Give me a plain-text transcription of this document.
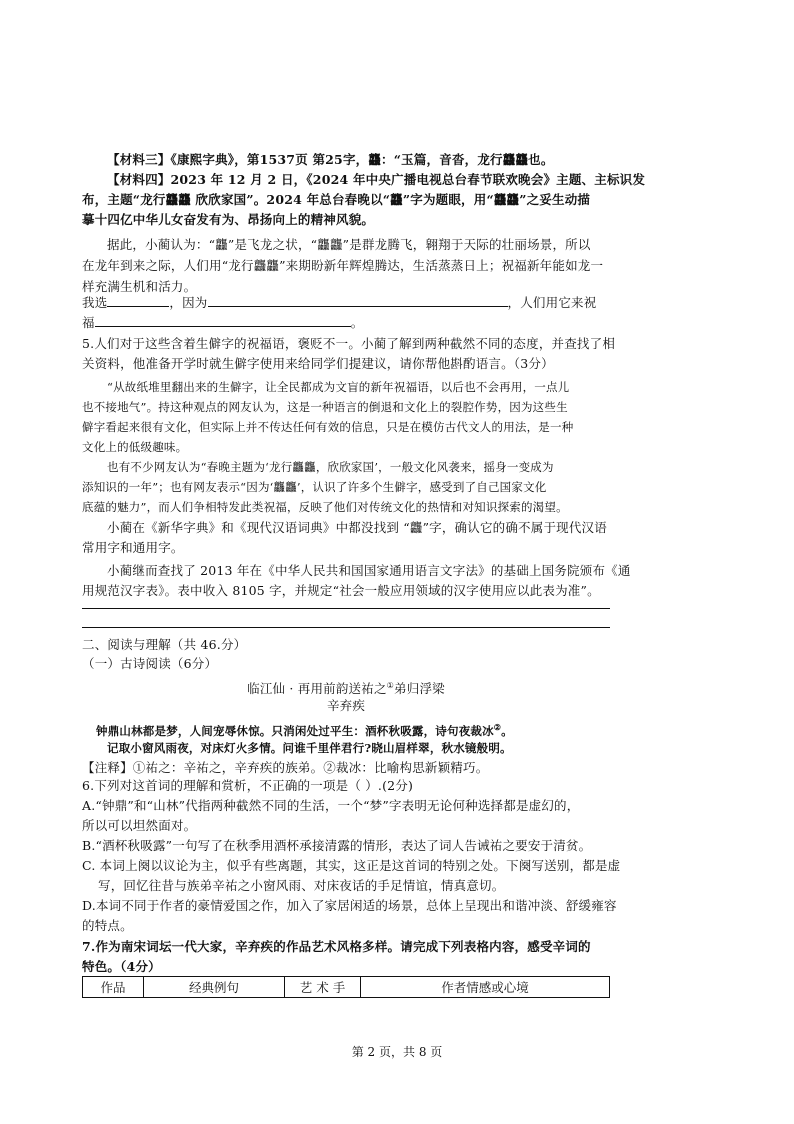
【材料三】《康熙字典》，第1537页 第25字，龘：“玉篇，音沓，龙行龘龘也。
【材料四】2023 年 12 月 2 日，《2024 年中央广播电视总台春节联欢晚会》主题、主标识发
布，主题“龙行龘龘 欣欣家国”。2024 年总台春晚以“龘”字为题眼，用“龘龘”之妥生动描
摹十四亿中华儿女奋发有为、昂扬向上的精神风貌。
据此，小蔺认为：“龘”是飞龙之状，“龘龘”是群龙腾飞，翱翔于天际的壮丽场景，所以
在龙年到来之际，人们用“龙行龘龘”来期盼新年辉煌腾达，生活蒸蒸日上；祝福新年能如龙一
样充满生机和活力。
我选	，因为	，人们用它来祝
福	。
5.人们对于这些含着生僻字的祝福语，褒贬不一。小蔺了解到两种截然不同的态度，并查找了相
关资料，他准备开学时就生僻字使用来给同学们提建议，请你帮他斟酌语言。（3分）
“从故纸堆里翻出来的生僻字，让全民都成为文盲的新年祝福语，以后也不会再用，一点儿
也不接地气”。持这种观点的网友认为，这是一种语言的倒退和文化上的裂腔作势，因为这些生
僻字看起来很有文化，但实际上并不传达任何有效的信息，只是在模仿古代文人的用法，是一种
文化上的低级趣味。
也有不少网友认为“春晚主题为‘龙行龘龘，欣欣家国’，一般文化风袭来，摇身一变成为
添知识的一年”；也有网友表示“因为‘龘龘’，认识了许多个生僻字，感受到了自己国家文化
底蕴的魅力”，而人们争相特发此类祝福，反映了他们对传统文化的热情和对知识探索的渴望。
小蔺在《新华字典》和《现代汉语词典》中都没找到 “龘”字，确认它的确不属于现代汉语
常用字和通用字。
小蔺继而查找了 2013 年在《中华人民共和国国家通用语言文字法》的基础上国务院颁布《通
用规范汉字表》。表中收入 8105 字，并规定“社会一般应用领域的汉字使用应以此表为准”。
二、阅读与理解（共 46.分）
（一）古诗阅读（6分）
临江仙 · 再用前韵送祐之①弟归浮梁
辛弃疾
钟鼎山林都是梦，人间宠辱休惊。只消闲处过平生：酒杯秋吸露，诗句夜裁冰②。
记取小窗风雨夜，对床灯火多情。问谁千里伴君行?晓山眉样翠，秋水镜般明。
【注释】①祐之：辛祐之，辛弃疾的族弟。②裁冰：比喻构思新颖精巧。
6.下列对这首词的理解和赏析，不正确的一项是（ ）.(2分)
A.“钟鼎”和“山林”代指两种截然不同的生活，一个“梦”字表明无论何种选择都是虚幻的，
所以可以坦然面对。
B.“酒杯秋吸露”一句写了在秋季用酒杯承接清露的情形，表达了词人告诫祐之要安于清贫。
C. 本词上阕以议论为主，似乎有些离题，其实，这正是这首词的特别之处。下阕写送别，都是虚
写，回忆往昔与族弟辛祐之小窗风雨、对床夜话的手足情谊，情真意切。
D.本词不同于作者的豪情爱国之作，加入了家居闲适的场景，总体上呈现出和谐冲淡、舒缓雍容
的特点。
7.作为南宋词坛一代大家，辛弃疾的作品艺术风格多样。请完成下列表格内容，感受辛词的
特色。（4分）
作品	经典例句	艺 术 手	作者情感或心境
第 2 页，共 8 页
